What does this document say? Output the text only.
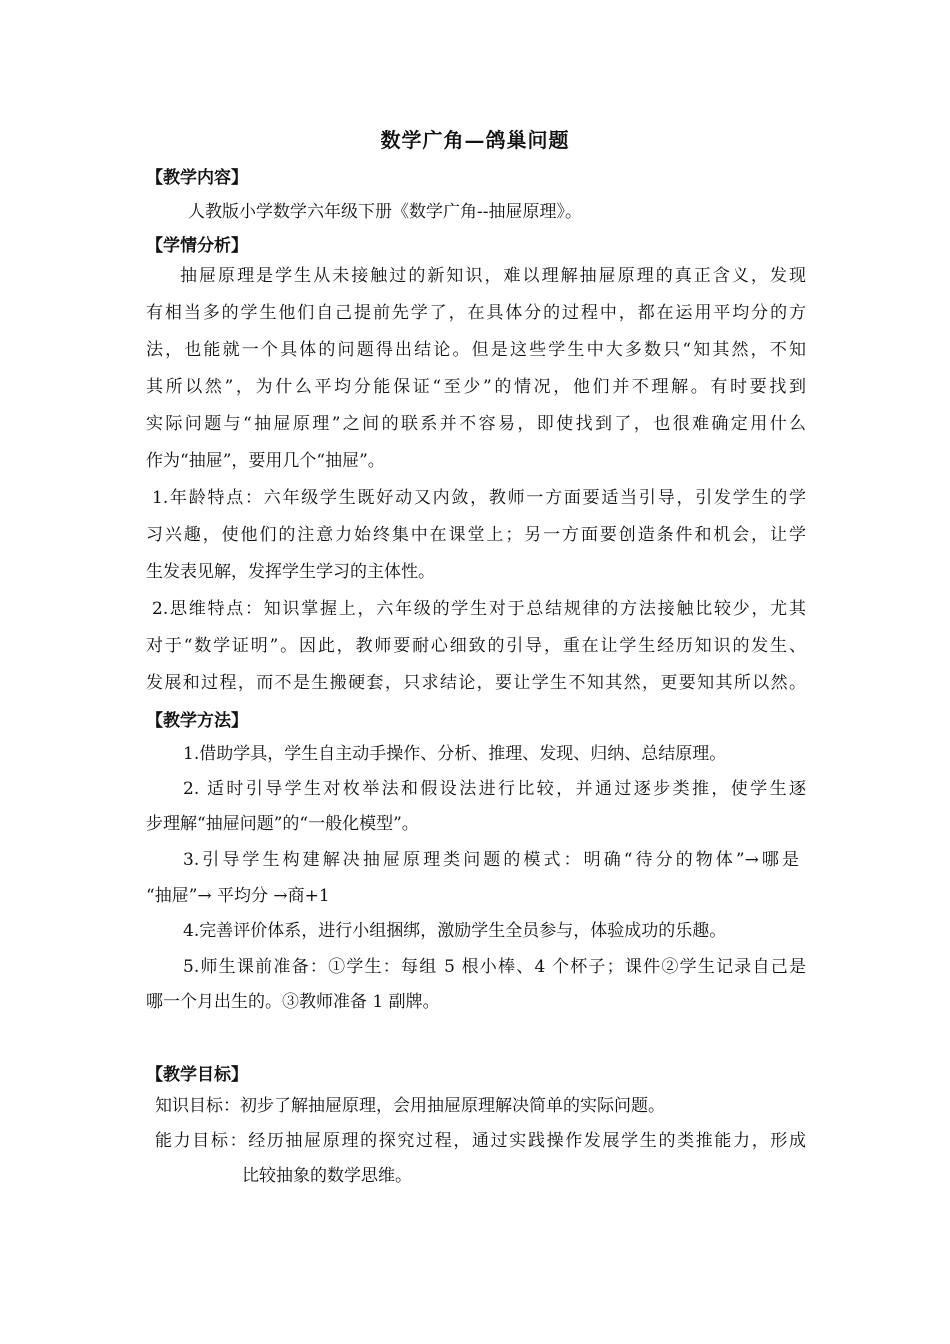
数学广角—鸽巢问题
【教学内容】
人教版小学数学六年级下册《数学广角--抽屉原理》。
【学情分析】
抽屉原理是学生从未接触过的新知识，难以理解抽屉原理的真正含义，发现
有相当多的学生他们自己提前先学了，在具体分的过程中，都在运用平均分的方
法，也能就一个具体的问题得出结论。但是这些学生中大多数只“知其然，不知
其所以然”，为什么平均分能保证“至少”的情况，他们并不理解。有时要找到
实际问题与“抽屉原理”之间的联系并不容易，即使找到了，也很难确定用什么
作为“抽屉”，要用几个“抽屉”。
1.年龄特点：六年级学生既好动又内敛，教师一方面要适当引导，引发学生的学
习兴趣，使他们的注意力始终集中在课堂上；另一方面要创造条件和机会，让学
生发表见解，发挥学生学习的主体性。
2.思维特点：知识掌握上，六年级的学生对于总结规律的方法接触比较少，尤其
对于“数学证明”。因此，教师要耐心细致的引导，重在让学生经历知识的发生、
发展和过程，而不是生搬硬套，只求结论，要让学生不知其然，更要知其所以然。
【教学方法】
1.借助学具，学生自主动手操作、分析、推理、发现、归纳、总结原理。
2. 适时引导学生对枚举法和假设法进行比较，并通过逐步类推，使学生逐
步理解“抽屉问题”的“一般化模型”。
3.引导学生构建解决抽屉原理类问题的模式：明确“待分的物体”→哪是
“抽屉”→ 平均分 →商+1
4.完善评价体系，进行小组捆绑，激励学生全员参与，体验成功的乐趣。
5.师生课前准备：①学生：每组 5 根小棒、4 个杯子；课件②学生记录自己是
哪一个月出生的。③教师准备 1 副牌。
【教学目标】
知识目标：初步了解抽屉原理，会用抽屉原理解决简单的实际问题。
能力目标：经历抽屉原理的探究过程，通过实践操作发展学生的类推能力，形成
比较抽象的数学思维。
